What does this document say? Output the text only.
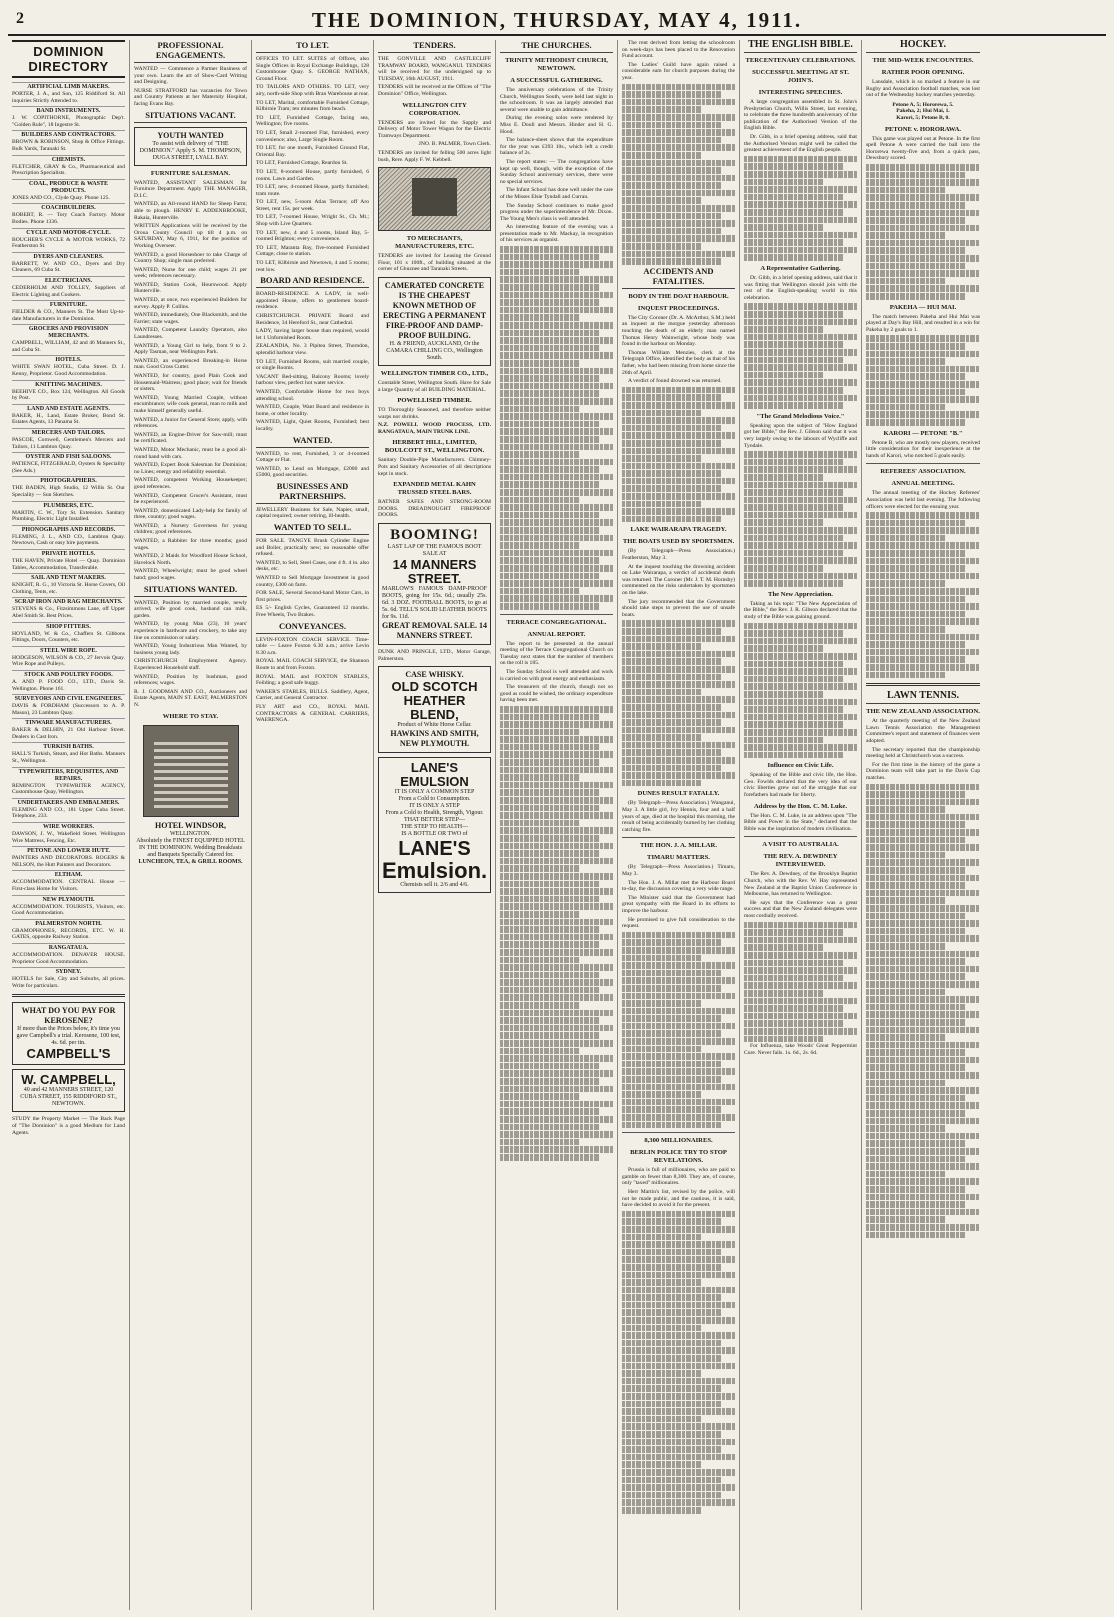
2	THE DOMINION, THURSDAY, MAY 4, 1911.
DOMINION DIRECTORY
ARTIFICIAL LIMB MAKERS.
PORTER, J. A., and Son, 125 Riddiford St. All inquiries Strictly Attended to.
BAND INSTRUMENTS.
J. W. COPITHORNE, Photographic Dep't. "Golden Rule", 18 Ingestre St.
BUILDERS AND CONTRACTORS.
BROWN & ROBINSON, Shop & Office Fittings. Bulk Yards, Taranaki St.
CHEMISTS.
FLETCHER, GRAY & Co., Pharmaceutical and Prescription Specialists.
COAL, PRODUCE & WASTE PRODUCTS.
JONES AND CO., Clyde Quay. Phone 125.
COACHBUILDERS.
ROBERT, R. — Tory Coach Factory. Motor Bodies. Phone 1336.
CYCLE AND MOTOR-CYCLE.
BOUCHER'S CYCLE & MOTOR WORKS, 72 Featherston St.
DYERS AND CLEANERS.
BARRETT, W. AND CO., Dyers and Dry Cleaners, 69 Cuba St.
ELECTRICIANS.
CEDERHOLM AND TOLLEY, Suppliers of Electric Lighting and Cookers.
FURNITURE.
FIELDER & CO., Manners St. The Most Up-to-date Manufacturers in the Dominion.
GROCERS AND PROVISION MERCHANTS.
CAMPBELL, WILLIAM, 42 and 46 Manners St., and Cuba St.
HOTELS.
WHITE SWAN HOTEL, Cuba Street. D. J. Kenny, Proprietor. Good Accommodation.
KNITTING MACHINES.
BEEHIVE CO., Box 124, Wellington. All Goods by Post.
LAND AND ESTATE AGENTS.
BAKER, H., Land, Estate Broker, Bond St. Estates Agents, 13 Panama St.
MERCERS AND TAILORS.
PASCOE, Cornwell, Gentlemen's Mercers and Tailors, 11 Lambton Quay.
OYSTER AND FISH SALOONS.
PATIENCE, FITZGERALD, Oysters & Speciality (See Ads.)
PHOTOGRAPHERS.
THE BADEN, High Studio, 12 Willis St. Our Speciality — Sun Sketches.
PLUMBERS, ETC.
MARTIN, C. W., Tory St. Extension. Sanitary Plumbing. Electric Light Installed.
PHONOGRAPHS AND RECORDS.
FLEMING, J. L., AND CO., Lambton Quay. Newtown, Cash or easy hire payments.
PRIVATE HOTELS.
THE HAVEN, Private Hotel — Quay. Dominion Tables, Accommodation, Transferable.
SAIL AND TENT MAKERS.
KNIGHT, R. G., 10 Victoria St. Horse Covers, Oil Clothing, Tents, etc.
SCRAP IRON AND RAG MERCHANTS.
STEVENS & Co., Fitzsimmons Lane, off Upper Abel Smith St. Best Prices.
SHOP FITTERS.
HOYLAND, W. & Co., Chaffers St. Gibbons Fittings, Doors, Counters, etc.
STEEL WIRE ROPE.
HODGESON, WILSON & CO., 27 Jervois Quay. Wire Rope and Pulleys.
STOCK AND POULTRY FOODS.
A. AND P. FOOD CO., LTD., Davis St. Wellington. Phone 161.
SURVEYORS AND CIVIL ENGINEERS.
DAVIS & FORDHAM (Successors to A. P. Mason), 23 Lambton Quay.
TINWARE MANUFACTURERS.
BAKER & DELHIN, 21 Old Harbour Street. Dealers in Cast Iron.
TURKISH BATHS.
HALL'S Turkish, Steam, and Hot Baths. Manners St., Wellington.
TYPEWRITERS, REQUISITES, AND REPAIRS.
REMINGTON TYPEWRITER AGENCY, Customhouse Quay, Wellington.
UNDERTAKERS AND EMBALMERS.
FLEMING AND CO., 181 Upper Cuba Street. Telephone, 233.
WIRE WORKERS.
DAWSON, J. W., Wakefield Street. Wellington Wire Mattress, Fencing, Etc.
PETONE AND LOWER HUTT.
PAINTERS AND DECORATORS. ROGERS & NELSON, the Hutt Painters and Decorators.
ELTHAM.
ACCOMMODATION. CENTRAL House — First-class Home for Visitors.
NEW PLYMOUTH.
ACCOMMODATION. TOURISTS, Visitors, etc. Good Accommodation.
PALMERSTON NORTH.
GRAMOPHONES, RECORDS, ETC. W. H. GATES, opposite Railway Station.
RANGATAUA.
ACCOMMODATION. DENAVER HOUSE. Proprietor Good Accommodation.
SYDNEY.
HOTELS for Sale, City and Suburbs, all prices. Write for particulars.
WHAT DO YOU PAY FOR KEROSENE?
If more than the Prices below, it's time you gave Campbell's a trial. Kerosene, 100 test, 4s. 6d. per tin.
CAMPBELL'S
W. CAMPBELL,
40 and 42 MANNERS STREET, 120 CUBA STREET, 155 RIDDIFORD ST., NEWTOWN.
STUDY the Property Market — The Back Page of "The Dominion" is a good Medium for Land Agents.
PROFESSIONAL ENGAGEMENTS.
WANTED — Commence a Partner Business of your own. Learn the art of Show-Card Writing and Designing.
NURSE STRATFORD has vacancies for Town and Country Patients at her Maternity Hospital, facing Evans Bay.
SITUATIONS VACANT.
YOUTH WANTED
To assist with delivery of "THE DOMINION." Apply S. M. THOMPSON, DUGA STREET, LYALL BAY.
FURNITURE SALESMAN.
WANTED, ASSISTANT SALESMAN for Furniture Department. Apply THE MANAGER, D.I.C.
WANTED, an All-round HAND for Sheep Farm; able to plough. HENRY E. ADDENBROOKE, Rakaia, Hunterville.
WRITTEN Applications will be received by the Oroua County Council up till 4 p.m. on SATURDAY, May 6, 1911, for the position of Working Overseer.
WANTED, a good Horseshoer to take Charge of Country Shop; single man preferred.
WANTED, Nurse for one child; wages 21 per week; references necessary.
WANTED, Station Cook, Hourswood. Apply Hunterville.
WANTED, at once, two experienced Builders for survey. Apply P. Collins.
WANTED, immediately, One Blacksmith, and the Farrier; state wages.
WANTED, Competent Laundry Operators, also Laundresses.
WANTED, a Young Girl to help, from 9 to 2. Apply Tasman, near Wellington Park.
WANTED, an experienced Breaking-in Horse man. Good Cross Cutter.
WANTED, for country, good Plain Cook and Housemaid-Waitress; good place; wait for friends or sisters.
WANTED, Young Married Couple, without encumbrance; wife cook general, man to milk and make himself generally useful.
WANTED, a Junior for General Store; apply, with references.
WANTED, an Engine-Driver for Saw-mill; must be certificated.
WANTED, Motor Mechanic, must be a good all-round hand with cars.
WANTED, Expert Book Salesman for Dominion; no Lines; energy and reliability essential.
WANTED, competent Working Housekeeper; good references.
WANTED, Competent Grocer's Assistant, must be experienced.
WANTED, domesticated Lady-help for family of three, country; good wages.
WANTED, a Nursery Governess for young children; good references.
WANTED, a Rabbiter for three months; good wages.
WANTED, 2 Maids for Woodford House School, Havelock North.
WANTED, Wheelwright; must be good wheel hand; good wages.
SITUATIONS WANTED.
WANTED, Position by married couple, newly arrived; wife good cook, husband can milk, garden.
WANTED, by young Man (23), 10 years' experience in hardware and crockery, to take any line on commission or salary.
WANTED, Young Industrious Man Wanted, by business young lady.
CHRISTCHURCH Employment Agency. Experienced Household staff.
WANTED, Position by bushman, good references; wages.
R. J. GOODMAN AND CO., Auctioneers and Estate Agents, MAIN ST. EAST, PALMERSTON N.
WHERE TO STAY.
HOTEL WINDSOR,
WELLINGTON.
Absolutely the FINEST EQUIPPED HOTEL IN THE DOMINION. Wedding Breakfasts and Banquets Specially Catered for.
LUNCHEON, TEA, & GRILL ROOMS.
TO LET.
OFFICES TO LET. SUITES of Offices, also Single Offices in Royal Exchange Buildings, 128 Customhouse Quay. S. GEORGE NATHAN, Ground Floor.
TO TAILORS AND OTHERS. TO LET, very airy, north-side Shop with Bran Warehouse at rear.
TO LET, Marital, comfortable Furnished Cottage, Kilbirnie Tram; ten minutes from beach.
TO LET, Furnished Cottage, facing sea, Wellington; five rooms.
TO LET, Small 2-roomed Flat, furnished, every convenience; also, Large Single Room.
TO LET, for one month, Furnished Ground Flat, Oriental Bay.
TO LET, Furnished Cottage, Reardon St.
TO LET, 8-roomed House, partly furnished, 6 rooms. Lawn and Garden.
TO LET, new, 4-roomed House, partly furnished; tram route.
TO LET, new, 5-room Atlas Terrace; off Aro Street, rent 15s. per week.
TO LET, 7-roomed House, Wright St., Ch. Mt.; Shop with Live Quarters.
TO LET, new, 4 and 5 rooms, Island Bay, 5-roomed Brighton; every convenience.
TO LET, Maranta Bay, five-roomed Furnished Cottage; close to station.
TO LET, Kilbirnie and Newtown, 4 and 5 rooms; rent low.
BOARD AND RESIDENCE.
BOARD-RESIDENCE. A LADY, in well-appointed House, offers to gentlemen board-residence.
CHRISTCHURCH. PRIVATE Board and Residence, 34 Hereford St., near Cathedral.
LADY, having larger house than required, would let 1 Unfurnished Room.
ZEALANDIA, No. 3 Pipitea Street, Thorndon, splendid harbour view.
TO LET, Furnished Rooms, suit married couple, or single Rooms.
VACANT Bed-sitting, Balcony Rooms; lovely harbour view, perfect hot water service.
WANTED, Comfortable Home for two boys attending school.
WANTED, Couple, Want Board and residence in home, or other locality.
WANTED, Light, Quiet Rooms, Furnished; best locality.
WANTED.
WANTED, to rent, Furnished, 3 or 4-roomed Cottage or Flat.
WANTED, to Lend on Mortgage, £2000 and £5000, good securities.
BUSINESSES AND PARTNERSHIPS.
JEWELLERY Business for Sale, Napier, small, capital required; owner retiring, ill-health.
WANTED TO SELL.
FOR SALE. TANGYE Brush Cylinder Engine and Boiler, practically new; no reasonable offer refused.
WANTED, to Sell, Steel Cases, one 4 ft. 4 in. also desks, etc.
WANTED to Sell Mortgage Investment in good country, £300 on farm.
FOR SALE, Several Second-hand Motor Cars, in first prices.
ES 5/- English Cycles, Guaranteed 12 months. Free Wheels, Two Brakes.
CONVEYANCES.
LEVIN-FOXTON COACH SERVICE. Time-table — Leave Foxton 6.30 a.m.; arrive Levin 8.30 a.m.
ROYAL MAIL COACH SERVICE, the Shannon Route to and from Foxton.
ROYAL MAIL and FOXTON STABLES, Feilding; a good safe buggy.
WAKER'S STABLES, BULLS. Saddlery, Agent, Carrier, and General Contractor.
FLY ART and CO., ROYAL MAIL CONTRACTORS & GENERAL CARRIERS, WAERENGA.
TENDERS.
THE GONVILLE AND CASTLECLIFF TRAMWAY BOARD, WANGANUI. TENDERS will be received for the undersigned up to TUESDAY, 16th AUGUST, 1911.
TENDERS will be received at the Offices of "The Dominion" Office, Wellington.
WELLINGTON CITY CORPORATION.
TENDERS are invited for the Supply and Delivery of Motor Tower Wagon for the Electric Tramways Department.
JNO. B. PALMER, Town Clerk.
TENDERS are invited for felling 500 acres light bush, Rere. Apply F. W. Kebbell.
TO MERCHANTS, MANUFACTURERS, ETC.
TENDERS are invited for Leasing the Ground Floor, 101 x 100ft., of building situated at the corner of Ghuznee and Taranaki Streets.
CAMERATED CONCRETE IS THE CHEAPEST KNOWN METHOD OF ERECTING A PERMANENT FIRE-PROOF AND DAMP-PROOF BUILDING.
H. & FRIEND, AUCKLAND, Or the CAMARA CHILLING CO., Wellington South.
WELLINGTON TIMBER CO., LTD.,
Constable Street, Wellington South. Have for Sale a large Quantity of all BUILDING MATERIAL.
POWELLISED TIMBER.
TO Thoroughly Seasoned, and therefore neither warps nor shrinks.
N.Z. POWELL WOOD PROCESS, LTD. RANGATAUA, MAIN TRUNK LINE.
HERBERT HILL, LIMITED, BOULCOTT ST., WELLINGTON.
Sanitary Double-Pipe Manufacturers. Chimney-Pots and Sanitary Accessories of all descriptions kept in stock.
EXPANDED METAL KAHN TRUSSED STEEL BARS.
RATNER SAFES AND STRONG-ROOM DOORS. DREADNOUGHT FIREPROOF DOORS.
BOOMING!
LAST LAP OF THE FAMOUS BOOT SALE AT
14 MANNERS STREET.
MARLOW'S FAMOUS DAMP-PROOF BOOTS, going for 15s. 6d.; usually 25s. 6d. 3 DOZ. FOOTBALL BOOTS, to go at 5s. 6d. TELL'S SOLID LEATHER BOOTS for 9s. 11d.
GREAT REMOVAL SALE. 14 MANNERS STREET.
DUNK AND PRINGLE, LTD., Motor Garage, Palmerston.
CASE WHISKY.
OLD SCOTCH HEATHER BLEND,
Product of White Horse Cellar.
HAWKINS AND SMITH, NEW PLYMOUTH.
LANE'S EMULSION
IT IS ONLY A COMMON STEP
From a Cold to Consumption.
IT IS ONLY A STEP
From a Cold to Health, Strength, Vigour.
THAT BETTER STEP—
THE STEP TO HEALTH—
IS A BOTTLE OR TWO of
LANE'S
Emulsion.
Chemists sell it. 2/6 and 4/6.
THE CHURCHES.
TRINITY METHODIST CHURCH, NEWTOWN.
A SUCCESSFUL GATHERING.
The anniversary celebrations of the Trinity Church, Wellington South, were held last night in the schoolroom. It was an largely attended that several were unable to gain admittance.
During the evening solos were rendered by Miss E. Doull and Messrs. Hinder and H. G. Hood.
The balance-sheet shows that the expenditure for the year was £393 10s., which left a credit balance of 2s.
The report states: — The congregations have kept up well, though, with the exception of the Sunday School anniversary services, there were no special services.
The Infant School has done well under the care of the Misses Elsie Tyndall and Curran.
The Sunday School continues to make good progress under the superintendence of Mr. Dixon. The Young Men's class is well attended.
An interesting feature of the evening was a presentation made to Mr. Mackay, in recognition of his services as organist.
TERRACE CONGREGATIONAL.
ANNUAL REPORT.
The report to be presented at the annual meeting of the Terrace Congregational Church on Tuesday next states that the number of members on the roll is 185.
The Sunday School is well attended and work is carried on with great energy and enthusiasm.
The treasurers of the church, though not so good as could be wished, the ordinary expenditure having been met.
The rent derived from letting the schoolroom on week-days has been placed to the Renovation Fund account.
The Ladies' Guild have again raised a considerable sum for church purposes during the year.
ACCIDENTS AND FATALITIES.
BODY IN THE DOAT HARBOUR.
INQUEST PROCEEDINGS.
The City Coroner (Dr. A. McArthur, S.M.) held an inquest at the morgue yesterday afternoon touching the death of an elderly man named Thomas Henry Wainwright, whose body was found in the harbour on Monday.
Thomas William Menzies, clerk at the Telegraph Office, identified the body as that of his father, who had been missing from home since the 26th of April.
A verdict of found drowned was returned.
LAKE WAIRARAPA TRAGEDY.
THE BOATS USED BY SPORTSMEN.
(By Telegraph—Press Association.) Featherston, May 3.
At the inquest touching the drowning accident on Lake Wairarapa, a verdict of accidental death was returned. The Coroner (Mr. J. T. M. Hornsby) commented on the risks undertaken by sportsmen on the lake.
The jury recommended that the Government should take steps to prevent the use of unsafe boats.
DUNES RESULT FATALLY.
(By Telegraph—Press Association.) Wanganui, May 3. A little girl, Ivy Hennis, four and a half years of age, died at the hospital this morning, the result of being accidentally burned by her clothing catching fire.
THE HON. J. A. MILLAR.
TIMARU MATTERS.
(By Telegraph—Press Association.) Timaru, May 3.
The Hon. J. A. Millar met the Harbour Board to-day, the discussion covering a very wide range.
The Minister said that the Government had great sympathy with the Board in its efforts to improve the harbour.
He promised to give full consideration to the request.
8,300 MILLIONAIRES.
BERLIN POLICE TRY TO STOP REVELATIONS.
Prussia is full of millionaires, who are paid to gamble on fewer than 8,300. They are, of course, only "taxed" millionaires.
Herr Martin's list, revised by the police, will not be made public, and the cautious, it is said, have decided to avoid it for the present.
THE ENGLISH BIBLE.
TERCENTENARY CELEBRATIONS.
SUCCESSFUL MEETING AT ST. JOHN'S.
INTERESTING SPEECHES.
A large congregation assembled in St. John's Presbyterian Church, Willis Street, last evening, to celebrate the three hundredth anniversary of the publication of the Authorised Version of the English Bible.
Dr. Gibb, in a brief opening address, said that the Authorised Version might well be called the greatest achievement of the English people.
A Representative Gathering.
Dr. Gibb, in a brief opening address, said that it was fitting that Wellington should join with the rest of the English-speaking world in this celebration.
"The Grand Melodious Voice."
Speaking upon the subject of "How England got her Bible," the Rev. J. Gibson said that it was very largely owing to the labours of Wycliffe and Tyndale.
The New Appreciation.
Taking as his topic "The New Appreciation of the Bible," the Rev. J. R. Gibson declared that the study of the Bible was gaining ground.
Influence on Civic Life.
Speaking of the Bible and civic life, the Hon. Geo. Fowlds declared that the very idea of our civic liberties grew out of the struggle that our forefathers had made for liberty.
Address by the Hon. C. M. Luke.
The Hon. C. M. Luke, in an address upon "The Bible and Power in the State," declared that the Bible was the inspiration of modern civilisation.
A VISIT TO AUSTRALIA.
THE REV. A. DEWDNEY INTERVIEWED.
The Rev. A. Dewdney, of the Brooklyn Baptist Church, who with the Rev. W. Hay represented New Zealand at the Baptist Union Conference in Melbourne, has returned to Wellington.
He says that the Conference was a great success and that the New Zealand delegates were most cordially received.
For Influenza, take Woods' Great Peppermint Cure. Never fails. 1s. 6d., 2s. 6d.
HOCKEY.
THE MID-WEEK ENCOUNTERS.
RATHER POOR OPENING.
Lansdale, which is so marked a feature in our Rugby and Association football matches, was lost out of the Wednesday hockey matches yesterday.
Petone A, 5; Hororewa, 5.
Pakeha, 2; Hui Mai, 1.
Karori, 5; Petone B, 0.
PETONE v. HORORAWA.
This game was played out at Petone. In the first spell Petone A were carried the ball into the Hororewa twenty-five and, from a quick pass, Dewsbury scored.
PAKEHA — HUI MAI.
The match between Pakeha and Hui Mai was played at Day's Bay Hill, and resulted in a win for Pakeha by 2 goals to 1.
KARORI — PETONE "B."
Petone B, who are mostly new players, received little consideration for their inexperience at the hands of Karori, who notched 5 goals easily.
REFEREES' ASSOCIATION.
ANNUAL MEETING.
The annual meeting of the Hockey Referees' Association was held last evening. The following officers were elected for the ensuing year.
LAWN TENNIS.
THE NEW ZEALAND ASSOCIATION.
At the quarterly meeting of the New Zealand Lawn Tennis Association the Management Committee's report and statement of finances were adopted.
The secretary reported that the championship meeting held at Christchurch was a success.
For the first time in the history of the game a Dominion team will take part in the Davis Cup matches.
